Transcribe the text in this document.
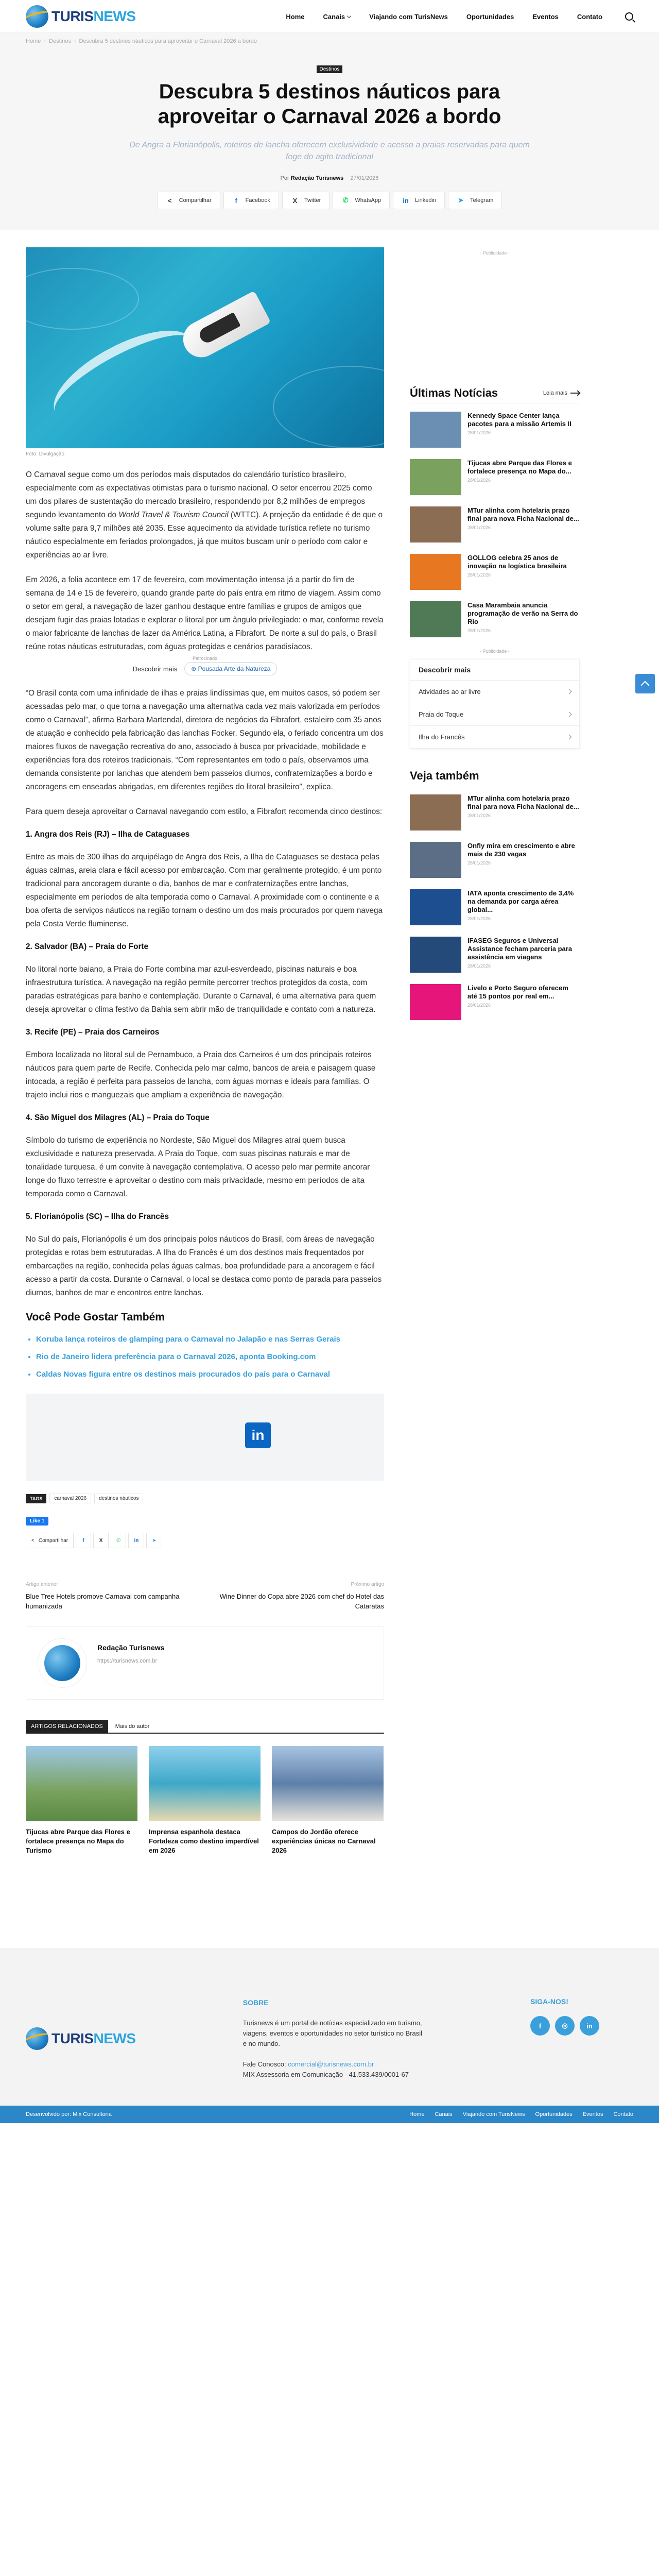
TURISNEWS	Home	Canais	Viajando com TurisNews	Oportunidades	Eventos	Contato
Home › Destinos › Descubra 5 destinos náuticos para aproveitar o Carnaval 2026 a bordo
Destinos
Descubra 5 destinos náuticos para aproveitar o Carnaval 2026 a bordo

De Angra a Florianópolis, roteiros de lancha oferecem exclusividade e acesso a praias reservadas para quem foge do agito tradicional

Por Redação Turisnews 27/01/2026
<	Compartilhar	f	Facebook	X	Twitter	✆ WhatsApp	in Linkedin	➤ Telegram
Foto: Divulgação

O Carnaval segue como um dos períodos mais disputados do calendário turístico brasileiro, especialmente com as expectativas otimistas para o turismo nacional. O setor encerrou 2025 como um dos pilares de sustentação do mercado brasileiro, respondendo por 8,2 milhões de empregos segundo levantamento do World Travel & Tourism Council (WTTC). A projeção da entidade é de que o volume salte para 9,7 milhões até 2035. Esse aquecimento da atividade turística reflete no turismo náutico especialmente em feriados prolongados, já que muitos buscam unir o período com calor e experiências ao ar livre.

Em 2026, a folia acontece em 17 de fevereiro, com movimentação intensa já a partir do fim de semana de 14 e 15 de fevereiro, quando grande parte do país entra em ritmo de viagem. Assim como o setor em geral, a navegação de lazer ganhou destaque entre famílias e grupos de amigos que desejam fugir das praias lotadas e explorar o litoral por um ângulo privilegiado: o mar, conforme revela o maior fabricante de lanchas de lazer da América Latina, a Fibrafort. De norte a sul do país, o Brasil reúne rotas náuticas estruturadas, com águas protegidas e cenários paradisíacos.

Patrocinado
Descobrir mais	⊕ Pousada Arte da Natureza

“O Brasil conta com uma infinidade de ilhas e praias lindíssimas que, em muitos casos, só podem ser acessadas pelo mar, o que torna a navegação uma alternativa cada vez mais valorizada em períodos como o Carnaval”, afirma Barbara Martendal, diretora de negócios da Fibrafort, estaleiro com 35 anos de atuação e conhecido pela fabricação das lanchas Focker. Segundo ela, o feriado concentra um dos maiores fluxos de navegação recreativa do ano, associado à busca por privacidade, mobilidade e experiências fora dos roteiros tradicionais. “Com representantes em todo o país, observamos uma demanda consistente por lanchas que atendem bem passeios diurnos, confraternizações a bordo e ancoragens em enseadas abrigadas, em diferentes regiões do litoral brasileiro”, explica.

Para quem deseja aproveitar o Carnaval navegando com estilo, a Fibrafort recomenda cinco destinos:

1. Angra dos Reis (RJ) – Ilha de Cataguases

Entre as mais de 300 ilhas do arquipélago de Angra dos Reis, a Ilha de Cataguases se destaca pelas águas calmas, areia clara e fácil acesso por embarcação. Com mar geralmente protegido, é um ponto tradicional para ancoragem durante o dia, banhos de mar e confraternizações entre lanchas, especialmente em períodos de alta temporada como o Carnaval. A proximidade com o continente e a boa oferta de serviços náuticos na região tornam o destino um dos mais procurados por quem navega pela Costa Verde fluminense.

2. Salvador (BA) – Praia do Forte

No litoral norte baiano, a Praia do Forte combina mar azul-esverdeado, piscinas naturais e boa infraestrutura turística. A navegação na região permite percorrer trechos protegidos da costa, com paradas estratégicas para banho e contemplação. Durante o Carnaval, é uma alternativa para quem deseja aproveitar o clima festivo da Bahia sem abrir mão de tranquilidade e contato com a natureza.

3. Recife (PE) – Praia dos Carneiros

Embora localizada no litoral sul de Pernambuco, a Praia dos Carneiros é um dos principais roteiros náuticos para quem parte de Recife. Conhecida pelo mar calmo, bancos de areia e paisagem quase intocada, a região é perfeita para passeios de lancha, com águas mornas e ideais para famílias. O trajeto inclui rios e manguezais que ampliam a experiência de navegação.

4. São Miguel dos Milagres (AL) – Praia do Toque

Símbolo do turismo de experiência no Nordeste, São Miguel dos Milagres atrai quem busca exclusividade e natureza preservada. A Praia do Toque, com suas piscinas naturais e mar de tonalidade turquesa, é um convite à navegação contemplativa. O acesso pelo mar permite ancorar longe do fluxo terrestre e aproveitar o destino com mais privacidade, mesmo em períodos de alta temporada como o Carnaval.

5. Florianópolis (SC) – Ilha do Francês

No Sul do país, Florianópolis é um dos principais polos náuticos do Brasil, com áreas de navegação protegidas e rotas bem estruturadas. A Ilha do Francês é um dos destinos mais frequentados por embarcações na região, conhecida pelas águas calmas, boa profundidade para a ancoragem e fácil acesso a partir da costa. Durante o Carnaval, o local se destaca como ponto de parada para passeios diurnos, banhos de mar e encontros entre lanchas.

Você Pode Gostar Também
• Koruba lança roteiros de glamping para o Carnaval no Jalapão e nas Serras Gerais
• Rio de Janeiro lidera preferência para o Carnaval 2026, aponta Booking.com
• Caldas Novas figura entre os destinos mais procurados do país para o Carnaval
in
TAGS	carnaval 2026	destinos náuticos
Like 1
< Compartilhar	f	X	✆	in	➤
Artigo anterior
Blue Tree Hotels promove Carnaval com campanha humanizada
Próximo artigo
Wine Dinner do Copa abre 2026 com chef do Hotel das Cataratas
Redação Turisnews
https://turisnews.com.br
ARTIGOS RELACIONADOS	Mais do autor

Tijucas abre Parque das Flores e fortalece presença no Mapa do Turismo

Imprensa espanhola destaca Fortaleza como destino imperdível em 2026

Campos do Jordão oferece experiências únicas no Carnaval 2026

- Publicidade -
Últimas Notícias	Leia mais
Kennedy Space Center lança pacotes para a missão Artemis II
28/01/2026
Tijucas abre Parque das Flores e fortalece presença no Mapa do...
28/01/2026
MTur alinha com hotelaria prazo final para nova Ficha Nacional de...
28/01/2026
GOLLOG celebra 25 anos de inovação na logística brasileira
28/01/2026
Casa Marambaia anuncia programação de verão na Serra do Rio
28/01/2026
- Publicidade -
Descobrir mais
Atividades ao ar livre
Praia do Toque
Ilha do Francês
Veja também
MTur alinha com hotelaria prazo final para nova Ficha Nacional de...
28/01/2026
Onfly mira em crescimento e abre mais de 230 vagas
28/01/2026
IATA aponta crescimento de 3,4% na demanda por carga aérea global...
28/01/2026
IFASEG Seguros e Universal Assistance fecham parceria para assistência em viagens
28/01/2026
Livelo e Porto Seguro oferecem até 15 pontos por real em...
28/01/2026
TURISNEWS
SOBRE

Turisnews é um portal de notícias especializado em turismo, viagens, eventos e oportunidades no setor turístico no Brasil e no mundo.

Fale Conosco: comercial@turisnews.com.br
MIX Assessoria em Comunicação - 41.533.439/0001-67
SIGA-NOS!
f	◎	in
Desenvolvido por: Mix Consultoria	Home Canais Viajando com TurisNews Oportunidades Eventos Contato
